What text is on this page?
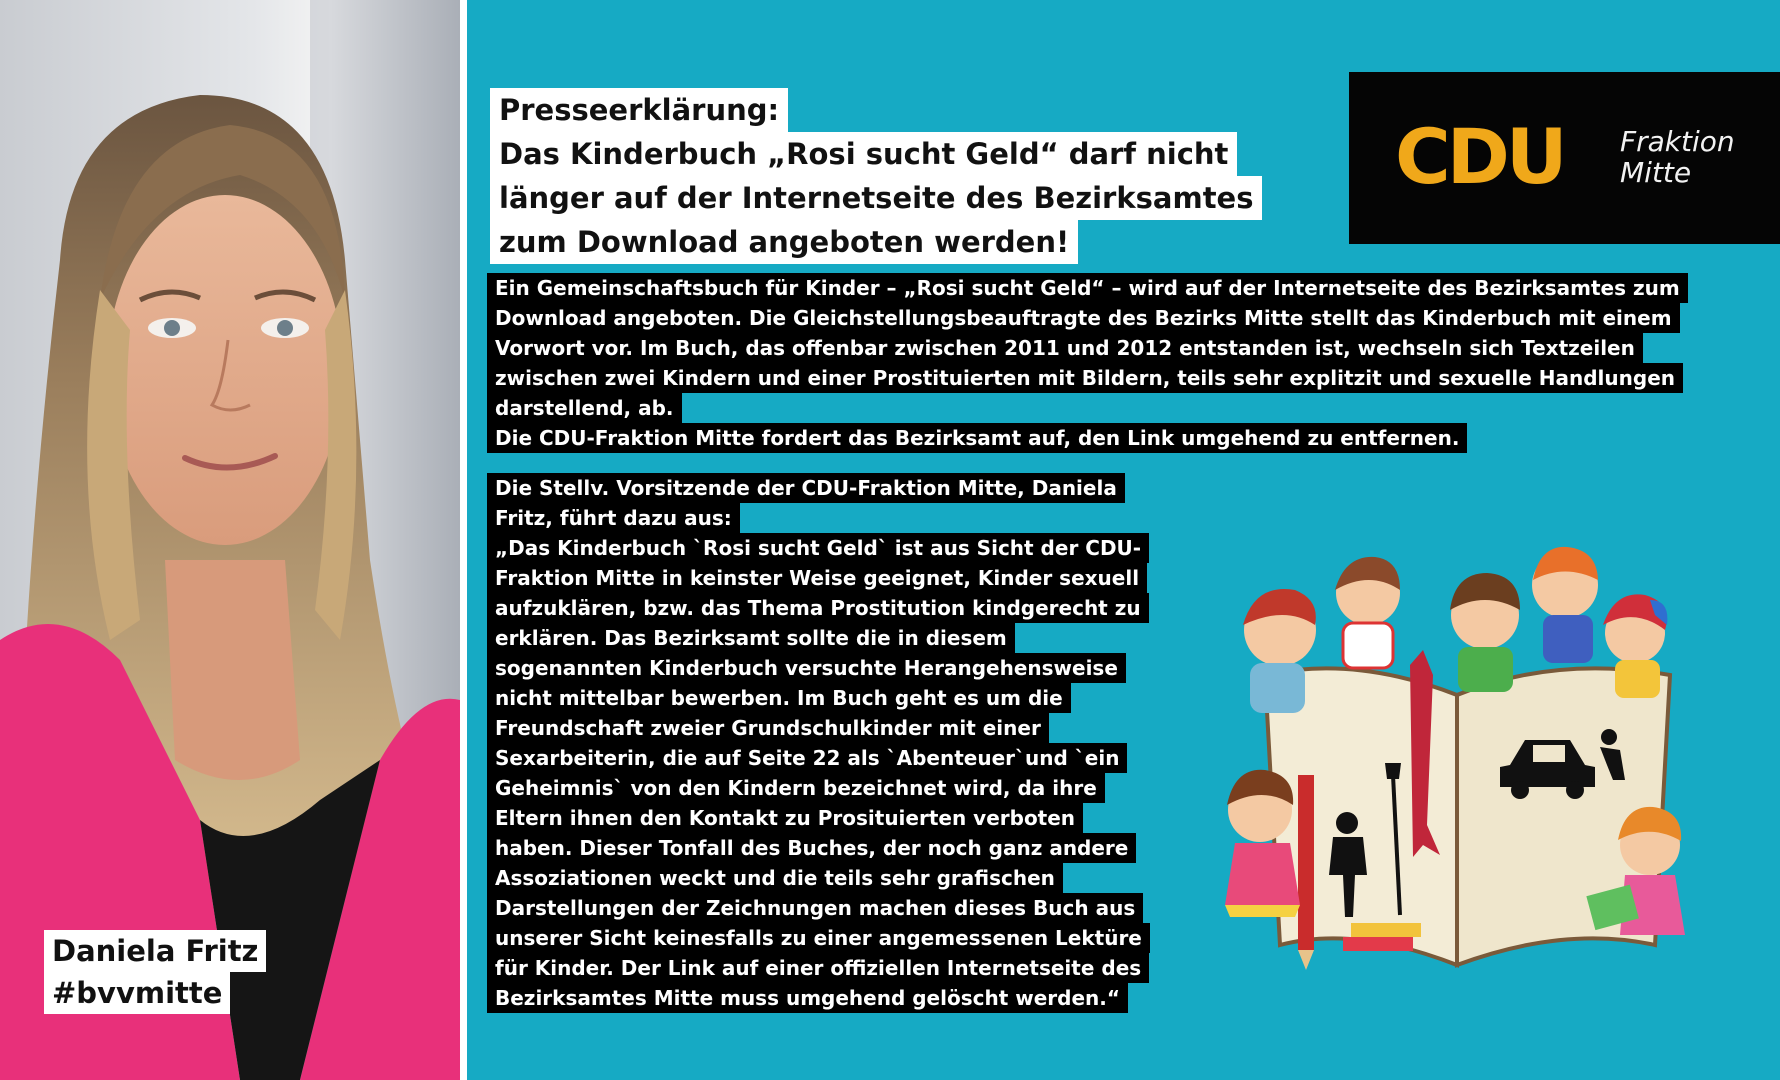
Daniela Fritz
#bvvmitte
Presseerklärung:
Das Kinderbuch „Rosi sucht Geld“ darf nicht
länger auf der Internetseite des Bezirksamtes
zum Download angeboten werden!
CDU Fraktion
Mitte
Ein Gemeinschaftsbuch für Kinder – „Rosi sucht Geld“ – wird auf der Internetseite des Bezirksamtes zum
Download angeboten. Die Gleichstellungsbeauftragte des Bezirks Mitte stellt das Kinderbuch mit einem
Vorwort vor. Im Buch, das offenbar zwischen 2011 und 2012 entstanden ist, wechseln sich Textzeilen
zwischen zwei Kindern und einer Prostituierten mit Bildern, teils sehr explitzit und sexuelle Handlungen
darstellend, ab.
Die CDU-Fraktion Mitte fordert das Bezirksamt auf, den Link umgehend zu entfernen.
Die Stellv. Vorsitzende der CDU-Fraktion Mitte, Daniela
Fritz, führt dazu aus:
„Das Kinderbuch `Rosi sucht Geld` ist aus Sicht der CDU-
Fraktion Mitte in keinster Weise geeignet, Kinder sexuell
aufzuklären, bzw. das Thema Prostitution kindgerecht zu
erklären. Das Bezirksamt sollte die in diesem
sogenannten Kinderbuch versuchte Herangehensweise
nicht mittelbar bewerben. Im Buch geht es um die
Freundschaft zweier Grundschulkinder mit einer
Sexarbeiterin, die auf Seite 22 als `Abenteuer`und `ein
Geheimnis` von den Kindern bezeichnet wird, da ihre
Eltern ihnen den Kontakt zu Prosituierten verboten
haben. Dieser Tonfall des Buches, der noch ganz andere
Assoziationen weckt und die teils sehr grafischen
Darstellungen der Zeichnungen machen dieses Buch aus
unserer Sicht keinesfalls zu einer angemessenen Lektüre
für Kinder. Der Link auf einer offiziellen Internetseite des
Bezirksamtes Mitte muss umgehend gelöscht werden.“
